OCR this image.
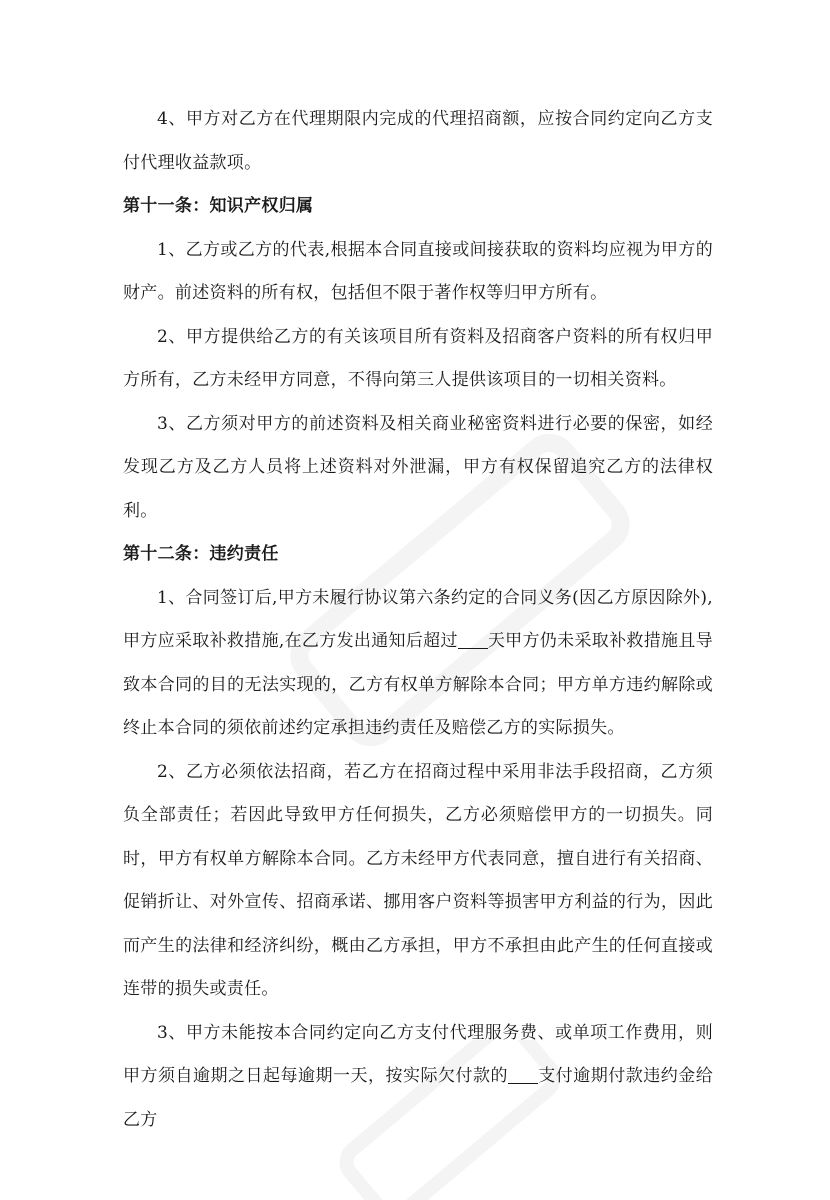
4、甲方对乙方在代理期限内完成的代理招商额，应按合同约定向乙方支付代理收益款项。

第十一条：知识产权归属

1、乙方或乙方的代表,根据本合同直接或间接获取的资料均应视为甲方的财产。前述资料的所有权，包括但不限于著作权等归甲方所有。

2、甲方提供给乙方的有关该项目所有资料及招商客户资料的所有权归甲方所有，乙方未经甲方同意，不得向第三人提供该项目的一切相关资料。

3、乙方须对甲方的前述资料及相关商业秘密资料进行必要的保密，如经发现乙方及乙方人员将上述资料对外泄漏，甲方有权保留追究乙方的法律权利。

第十二条：违约责任

1、合同签订后,甲方未履行协议第六条约定的合同义务(因乙方原因除外),甲方应采取补救措施,在乙方发出通知后超过 天甲方仍未采取补救措施且导致本合同的目的无法实现的，乙方有权单方解除本合同；甲方单方违约解除或终止本合同的须依前述约定承担违约责任及赔偿乙方的实际损失。

2、乙方必须依法招商，若乙方在招商过程中采用非法手段招商，乙方须负全部责任；若因此导致甲方任何损失，乙方必须赔偿甲方的一切损失。同时，甲方有权单方解除本合同。乙方未经甲方代表同意，擅自进行有关招商、促销折让、对外宣传、招商承诺、挪用客户资料等损害甲方利益的行为，因此而产生的法律和经济纠纷，概由乙方承担，甲方不承担由此产生的任何直接或连带的损失或责任。

3、甲方未能按本合同约定向乙方支付代理服务费、或单项工作费用，则甲方须自逾期之日起每逾期一天，按实际欠付款的 支付逾期付款违约金给乙方
